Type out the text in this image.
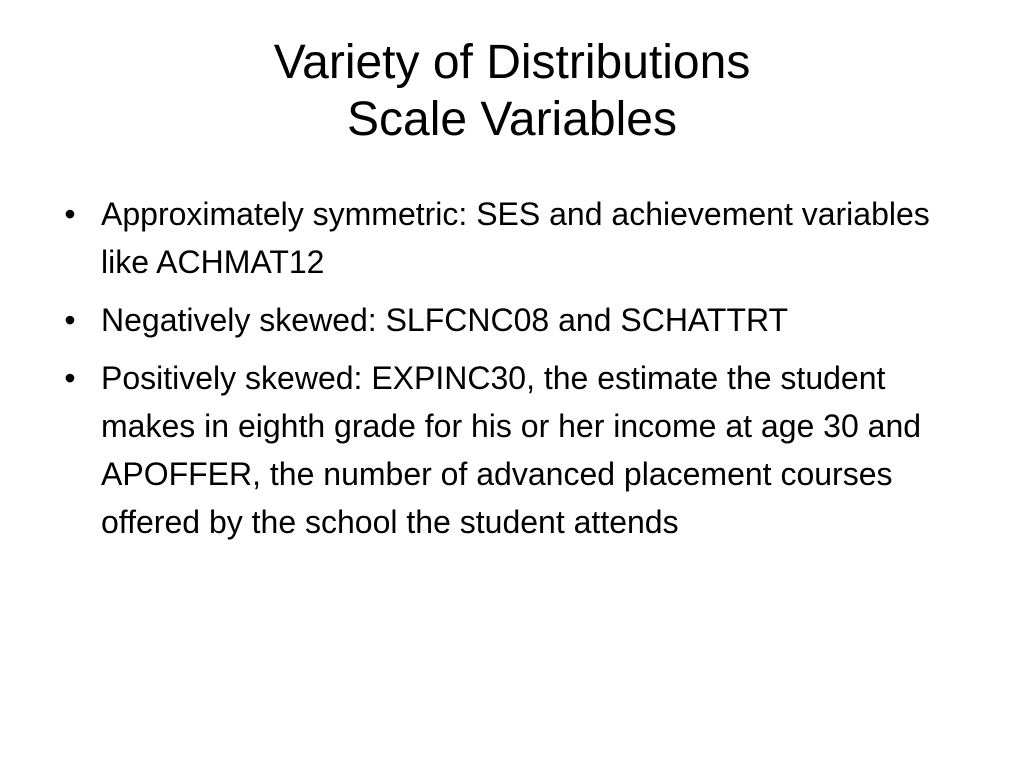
Variety of Distributions
Scale Variables
• Approximately symmetric: SES and achievement variables like ACHMAT12
• Negatively skewed: SLFCNC08 and SCHATTRT
• Positively skewed: EXPINC30, the estimate the student makes in eighth grade for his or her income at age 30 and APOFFER, the number of advanced placement courses offered by the school the student attends
